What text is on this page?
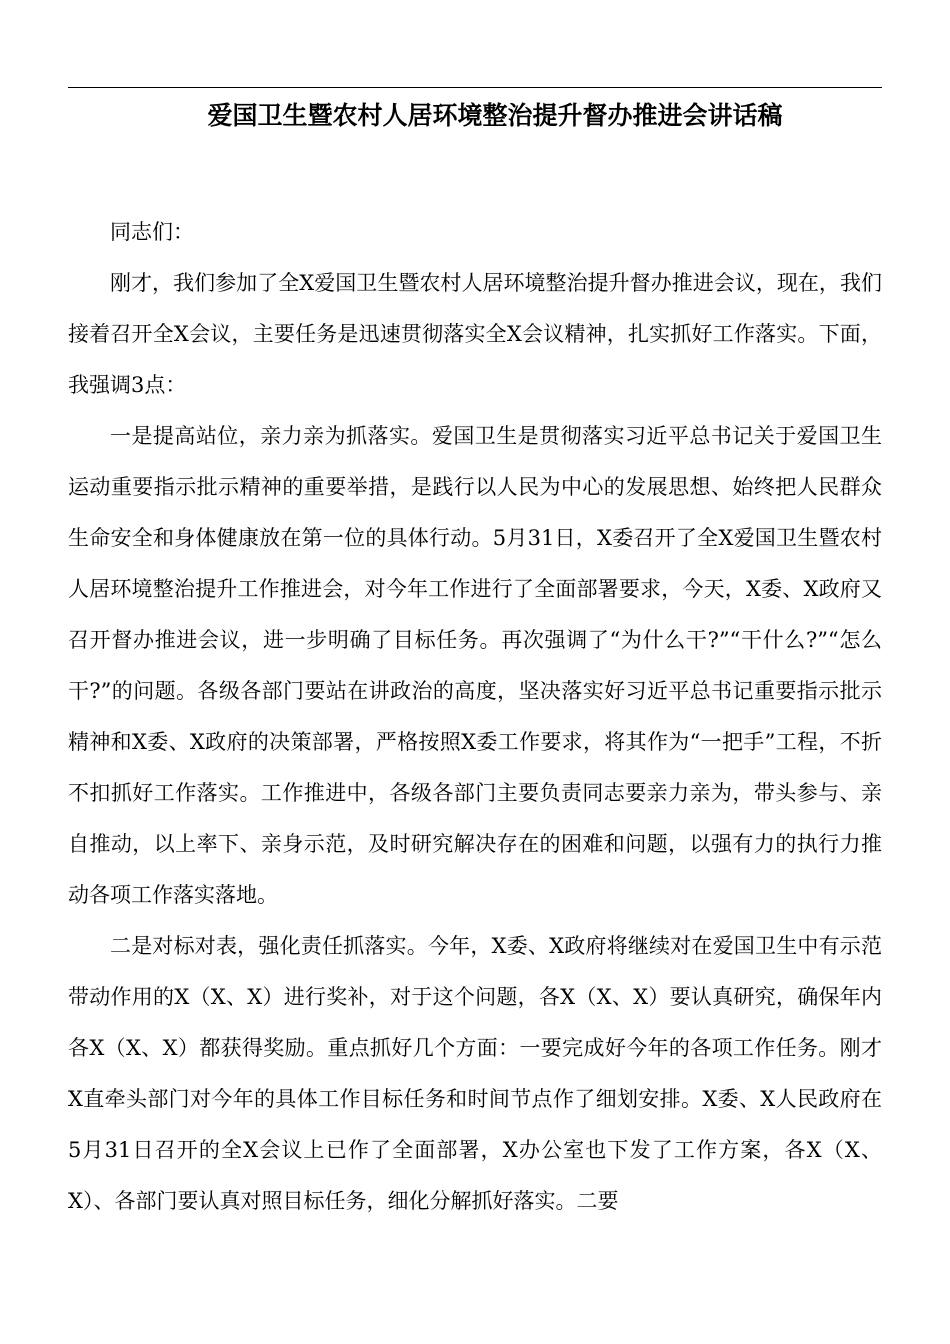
爱国卫生暨农村人居环境整治提升督办推进会讲话稿

同志们：

刚才，我们参加了全X爱国卫生暨农村人居环境整治提升督办推进会议，现在，我们接着召开全X会议，主要任务是迅速贯彻落实全X会议精神，扎实抓好工作落实。下面，我强调3点：

一是提高站位，亲力亲为抓落实。爱国卫生是贯彻落实习近平总书记关于爱国卫生运动重要指示批示精神的重要举措，是践行以人民为中心的发展思想、始终把人民群众生命安全和身体健康放在第一位的具体行动。5月31日，X委召开了全X爱国卫生暨农村人居环境整治提升工作推进会，对今年工作进行了全面部署要求，今天，X委、X政府又召开督办推进会议，进一步明确了目标任务。再次强调了“为什么干?”“干什么?”“怎么干?”的问题。各级各部门要站在讲政治的高度，坚决落实好习近平总书记重要指示批示精神和X委、X政府的决策部署，严格按照X委工作要求，将其作为“一把手”工程，不折不扣抓好工作落实。工作推进中，各级各部门主要负责同志要亲力亲为，带头参与、亲自推动，以上率下、亲身示范，及时研究解决存在的困难和问题，以强有力的执行力推动各项工作落实落地。

二是对标对表，强化责任抓落实。今年，X委、X政府将继续对在爱国卫生中有示范带动作用的X（X、X）进行奖补，对于这个问题，各X（X、X）要认真研究，确保年内各X（X、X）都获得奖励。重点抓好几个方面：一要完成好今年的各项工作任务。刚才X直牵头部门对今年的具体工作目标任务和时间节点作了细划安排。X委、X人民政府在5月31日召开的全X会议上已作了全面部署，X办公室也下发了工作方案，各X（X、X）、各部门要认真对照目标任务，细化分解抓好落实。二要
